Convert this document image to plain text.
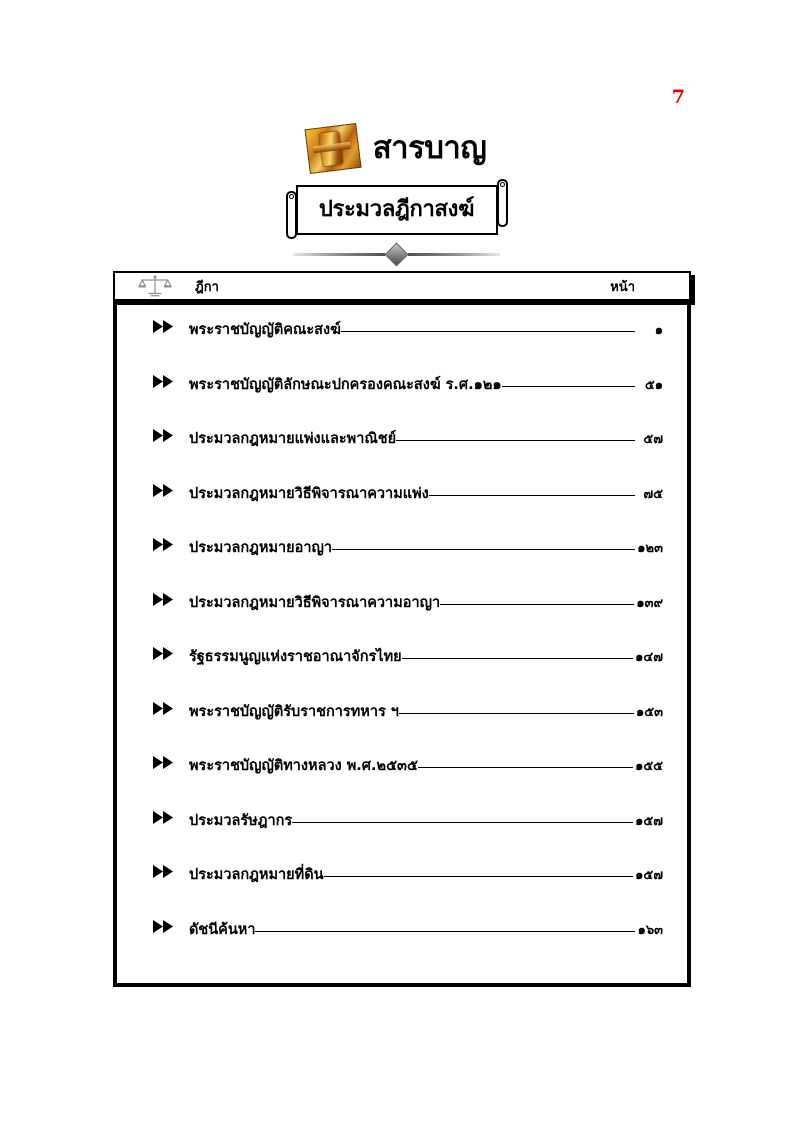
7
สารบาญ
ประมวลฎีกาสงฆ์
ฎีกา	หน้า
พระราชบัญญัติคณะสงฆ์	๑
พระราชบัญญัติลักษณะปกครองคณะสงฆ์ ร.ศ.๑๒๑	๕๑
ประมวลกฎหมายแพ่งและพาณิชย์	๕๗
ประมวลกฎหมายวิธีพิจารณาความแพ่ง	๗๕
ประมวลกฎหมายอาญา	๑๒๓
ประมวลกฎหมายวิธีพิจารณาความอาญา	๑๓๙
รัฐธรรมนูญแห่งราชอาณาจักรไทย	๑๔๗
พระราชบัญญัติรับราชการทหาร ฯ	๑๕๓
พระราชบัญญัติทางหลวง พ.ศ.๒๕๓๕	๑๕๕
ประมวลรัษฎากร	๑๕๗
ประมวลกฎหมายที่ดิน	๑๕๗
ดัชนีค้นหา	๑๖๓
